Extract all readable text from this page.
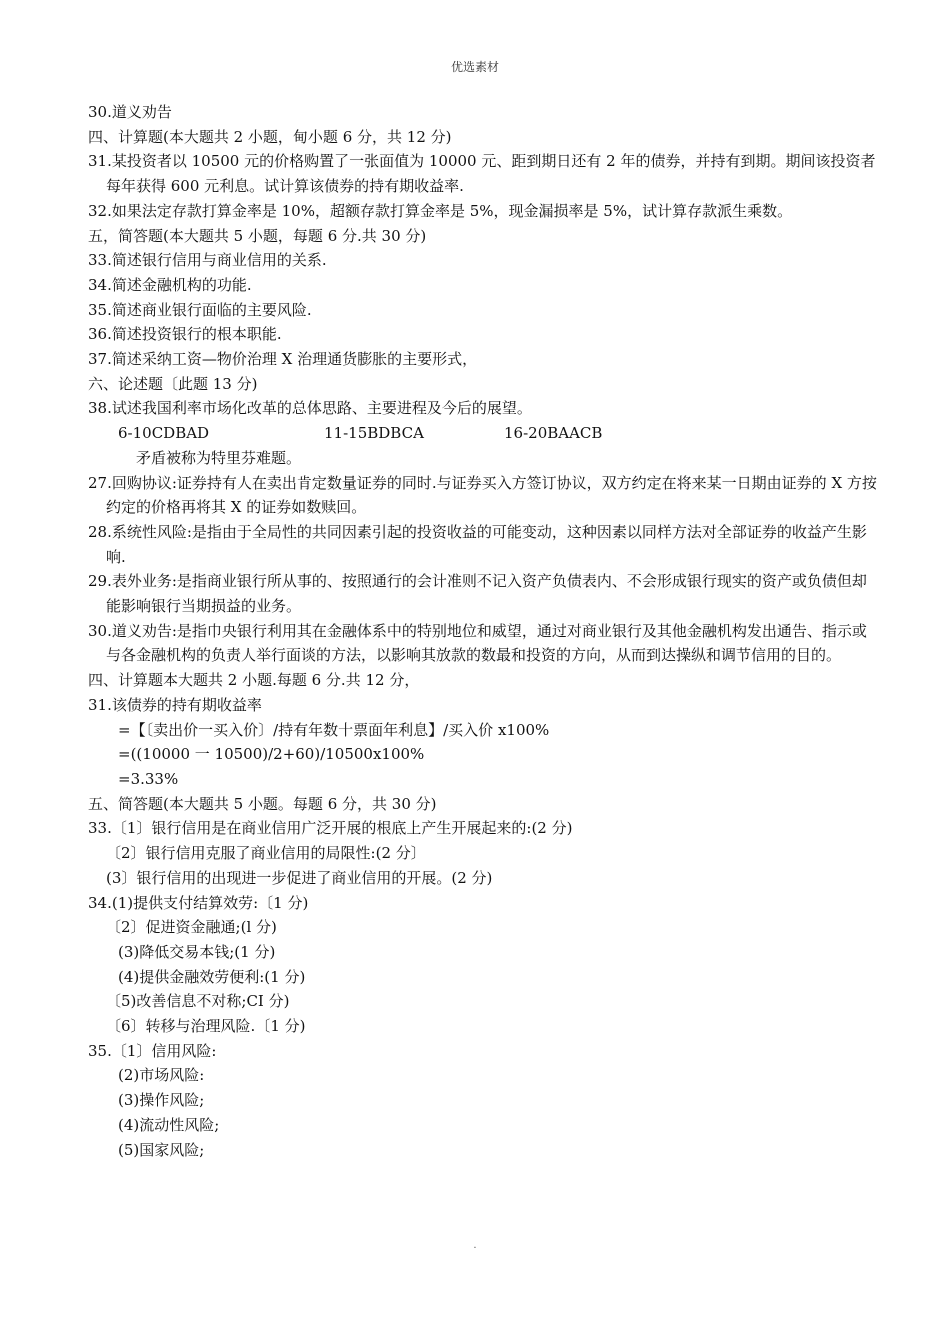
优选素材
30.道义劝告
四、计算题(本大题共 2 小题，甸小题 6 分，共 12 分)
31.某投资者以 10500 元的价格购置了一张面值为 10000 元、距到期日还有 2 年的债券，并持有到期。期间该投资者每年获得 600 元利息。试计算该债券的持有期收益率.
32.如果法定存款打算金率是 10%，超额存款打算金率是 5%，现金漏损率是 5%，试计算存款派生乘数。
五，简答题(本大题共 5 小题，每题 6 分.共 30 分)
33.简述银行信用与商业信用的关系.
34.简述金融机构的功能.
35.简述商业银行面临的主要风险.
36.简述投资银行的根本职能.
37.简述采纳工资—物价治理 X 治理通货膨胀的主要形式，
六、论述题〔此题 13 分)
38.试述我国利率市场化改革的总体思路、主要进程及今后的展望。
6-10CDBAD	11-15BDBCA	16-20BAACB
矛盾被称为特里芬难题。
27.回购协议:证券持有人在卖出肯定数量证券的同时.与证券买入方签订协议，双方约定在将来某一日期由证券的 X 方按约定的价格再将其 X 的证券如数赎回。
28.系统性风险:是指由于全局性的共同因素引起的投资收益的可能变动，这种因素以同样方法对全部证券的收益产生影响.
29.表外业务:是指商业银行所从事的、按照通行的会计准则不记入资产负债表内、不会形成银行现实的资产或负债但却能影响银行当期损益的业务。
30.道义劝告:是指巾央银行利用其在金融体系中的特别地位和威望，通过对商业银行及其他金融机构发出通告、指示或与各金融机构的负责人举行面谈的方法，以影响其放款的数最和投资的方向，从而到达操纵和调节信用的目的。
四、计算题本大题共 2 小题.每题 6 分.共 12 分，
31.该债券的持有期收益率
=【〔卖出价一买入价〕/持有年数十票面年利息】/买入价 x100%
=((10000 一 10500)/2+60)/10500x100%
=3.33%
五、简答题(本大题共 5 小题。每题 6 分，共 30 分)
33.〔1〕银行信用是在商业信用广泛开展的根底上产生开展起来的:(2 分)
〔2〕银行信用克服了商业信用的局限性:(2 分〕
(3〕银行信用的出现进一步促进了商业信用的开展。(2 分)
34.(1)提供支付结算效劳:〔1 分)
〔2〕促进资金融通;(l 分)
(3)降低交易本钱;(1 分)
(4)提供金融效劳便利:(1 分)
〔5)改善信息不对称;CI 分)
〔6〕转移与治理风险.〔1 分)
35.〔1〕信用风险:
(2)市场风险:
(3)操作风险;
(4)流动性风险;
(5)国家风险;
.
